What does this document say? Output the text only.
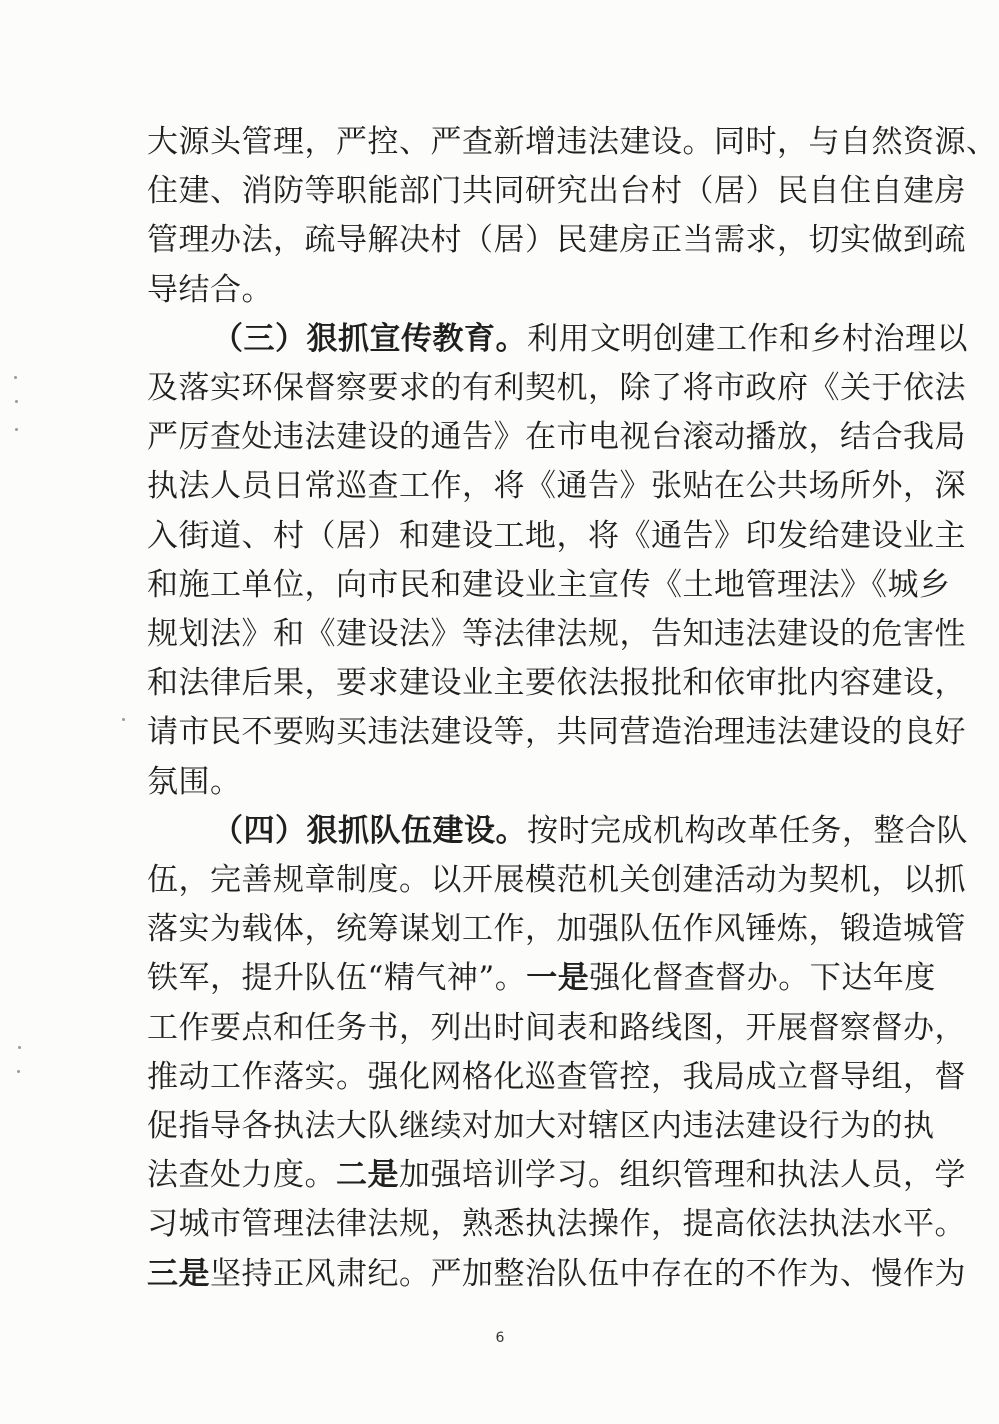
大源头管理，严控、严查新增违法建设。同时，与自然资源、
住建、消防等职能部门共同研究出台村（居）民自住自建房
管理办法，疏导解决村（居）民建房正当需求，切实做到疏
导结合。
（三）狠抓宣传教育。利用文明创建工作和乡村治理以
及落实环保督察要求的有利契机，除了将市政府《关于依法
严厉查处违法建设的通告》在市电视台滚动播放，结合我局
执法人员日常巡查工作，将《通告》张贴在公共场所外，深
入街道、村（居）和建设工地，将《通告》印发给建设业主
和施工单位，向市民和建设业主宣传《土地管理法》《城乡
规划法》和《建设法》等法律法规，告知违法建设的危害性
和法律后果，要求建设业主要依法报批和依审批内容建设，
请市民不要购买违法建设等，共同营造治理违法建设的良好
氛围。
（四）狠抓队伍建设。按时完成机构改革任务，整合队
伍，完善规章制度。以开展模范机关创建活动为契机，以抓
落实为载体，统筹谋划工作，加强队伍作风锤炼，锻造城管
铁军，提升队伍“精气神”。一是强化督查督办。下达年度
工作要点和任务书，列出时间表和路线图，开展督察督办，
推动工作落实。强化网格化巡查管控，我局成立督导组，督
促指导各执法大队继续对加大对辖区内违法建设行为的执
法查处力度。二是加强培训学习。组织管理和执法人员，学
习城市管理法律法规，熟悉执法操作，提高依法执法水平。
三是坚持正风肃纪。严加整治队伍中存在的不作为、慢作为
6
